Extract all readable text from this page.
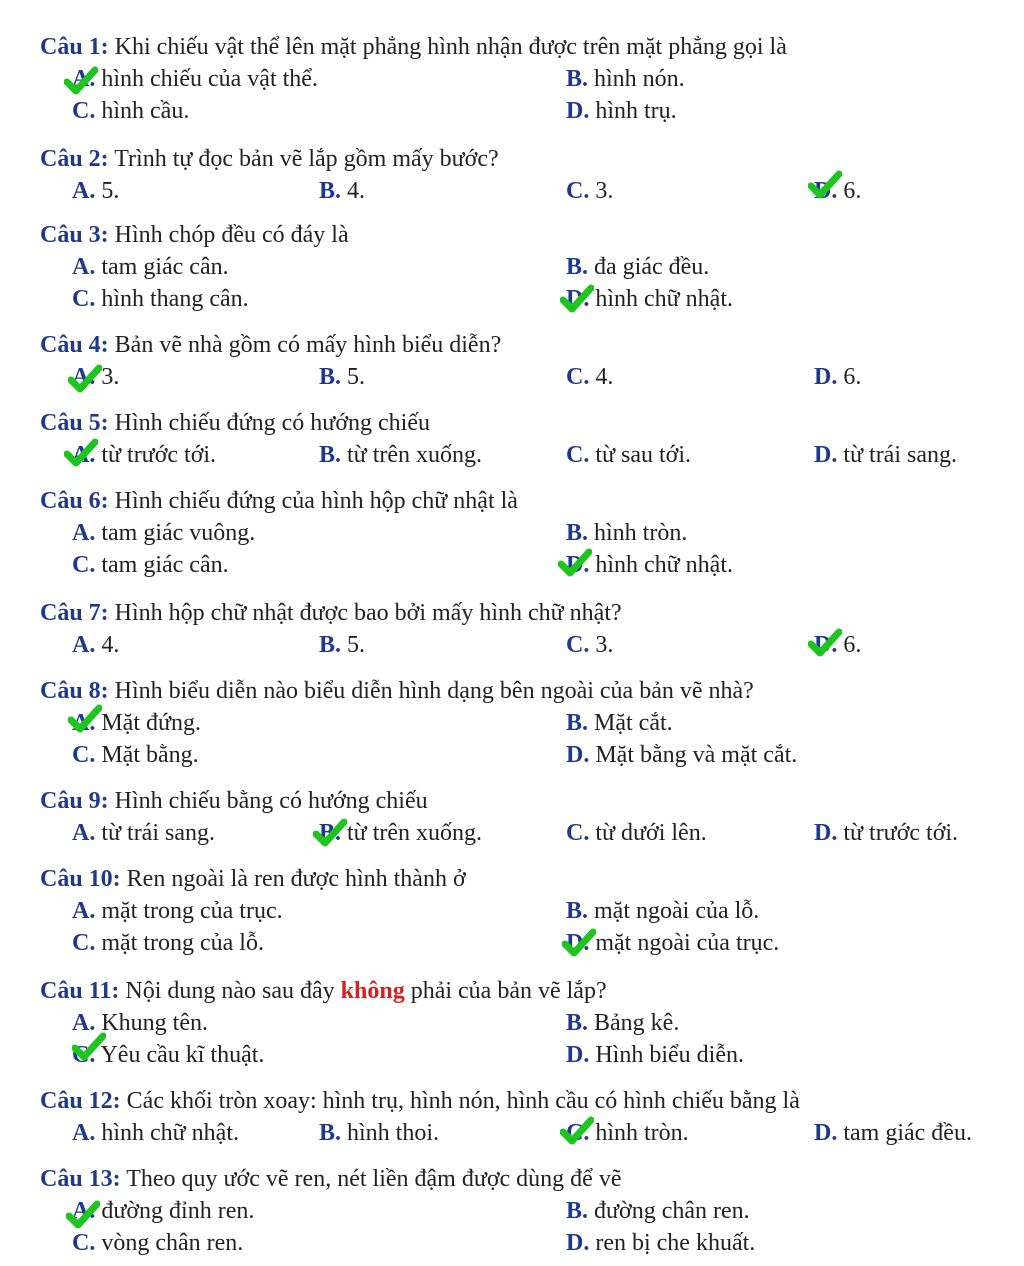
Câu 1: Khi chiếu vật thể lên mặt phẳng hình nhận được trên mặt phẳng gọi là
A. hình chiếu của vật thể.	B. hình nón.
C. hình cầu.	D. hình trụ.
Câu 2: Trình tự đọc bản vẽ lắp gồm mấy bước?
A. 5.	B. 4.	C. 3.	D. 6.
Câu 3: Hình chóp đều có đáy là
A. tam giác cân.	B. đa giác đều.
C. hình thang cân.	D. hình chữ nhật.
Câu 4: Bản vẽ nhà gồm có mấy hình biểu diễn?
A. 3.	B. 5.	C. 4.	D. 6.
Câu 5: Hình chiếu đứng có hướng chiếu
A. từ trước tới.	B. từ trên xuống.	C. từ sau tới.	D. từ trái sang.
Câu 6: Hình chiếu đứng của hình hộp chữ nhật là
A. tam giác vuông.	B. hình tròn.
C. tam giác cân.	D. hình chữ nhật.
Câu 7: Hình hộp chữ nhật được bao bởi mấy hình chữ nhật?
A. 4.	B. 5.	C. 3.	D. 6.
Câu 8: Hình biểu diễn nào biểu diễn hình dạng bên ngoài của bản vẽ nhà?
A. Mặt đứng.	B. Mặt cắt.
C. Mặt bằng.	D. Mặt bằng và mặt cắt.
Câu 9: Hình chiếu bằng có hướng chiếu
A. từ trái sang.	B. từ trên xuống.	C. từ dưới lên.	D. từ trước tới.
Câu 10: Ren ngoài là ren được hình thành ở
A. mặt trong của trục.	B. mặt ngoài của lỗ.
C. mặt trong của lỗ.	D. mặt ngoài của trục.
Câu 11: Nội dung nào sau đây không phải của bản vẽ lắp?
A. Khung tên.	B. Bảng kê.
C. Yêu cầu kĩ thuật.	D. Hình biểu diễn.
Câu 12: Các khối tròn xoay: hình trụ, hình nón, hình cầu có hình chiếu bằng là
A. hình chữ nhật.	B. hình thoi.	C. hình tròn.	D. tam giác đều.
Câu 13: Theo quy ước vẽ ren, nét liền đậm được dùng để vẽ
A. đường đỉnh ren.	B. đường chân ren.
C. vòng chân ren.	D. ren bị che khuất.
